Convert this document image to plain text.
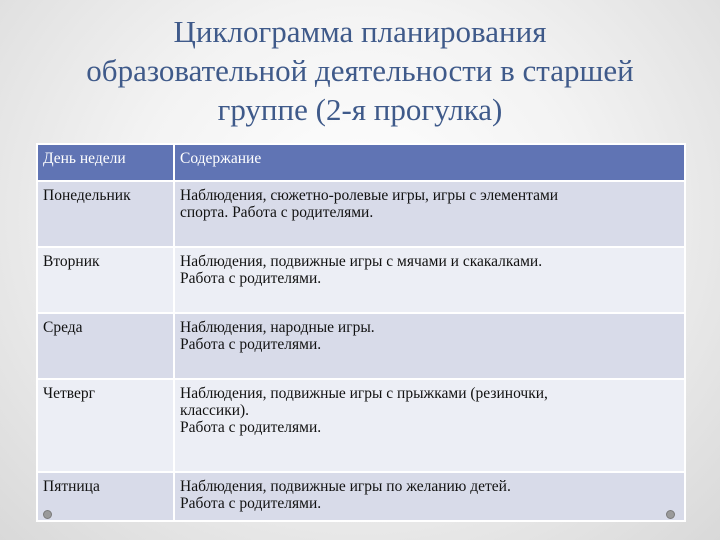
Циклограмма планирования
образовательной деятельности в старшей
группе (2-я прогулка)
День недели	Содержание
Понедельник	Наблюдения, сюжетно-ролевые игры, игры с элементами
спорта. Работа с родителями.

Вторник	Наблюдения, подвижные игры с мячами и скакалками.
Работа с родителями.

Среда	Наблюдения, народные игры.
Работа с родителями.

Четверг	Наблюдения, подвижные игры с прыжками (резиночки,
классики).
Работа с родителями.

Пятница	Наблюдения, подвижные игры по желанию детей.
Работа с родителями.
